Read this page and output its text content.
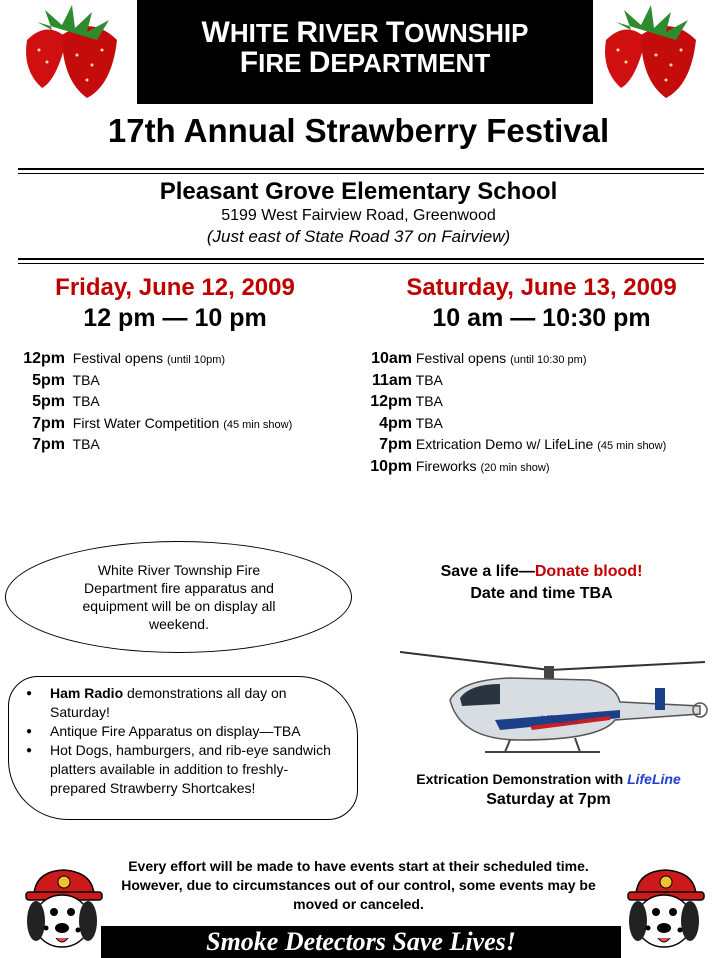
WHITE RIVER TOWNSHIP
FIRE DEPARTMENT
17th Annual Strawberry Festival
Pleasant Grove Elementary School
5199 West Fairview Road, Greenwood
(Just east of State Road 37 on Fairview)
Friday, June 12, 2009
12 pm — 10 pm
Saturday, June 13, 2009
10 am — 10:30 pm
12pm Festival opens (until 10pm)
5pm TBA
5pm TBA
7pm First Water Competition (45 min show)
7pm TBA
10am Festival opens (until 10:30 pm)
11am TBA
12pm TBA
4pm TBA
7pm Extrication Demo w/ LifeLine (45 min show)
10pm Fireworks (20 min show)
White River Township Fire Department fire apparatus and equipment will be on display all weekend.
● Ham Radio demonstrations all day on Saturday!
● Antique Fire Apparatus on display—TBA
● Hot Dogs, hamburgers, and rib-eye sandwich platters available in addition to freshly-prepared Strawberry Shortcakes!
Save a life—Donate blood!
Date and time TBA
LifeLine
Extrication Demonstration with LifeLine
Saturday at 7pm
Every effort will be made to have events start at their scheduled time. However, due to circumstances out of our control, some events may be moved or canceled.
Smoke Detectors Save Lives!
